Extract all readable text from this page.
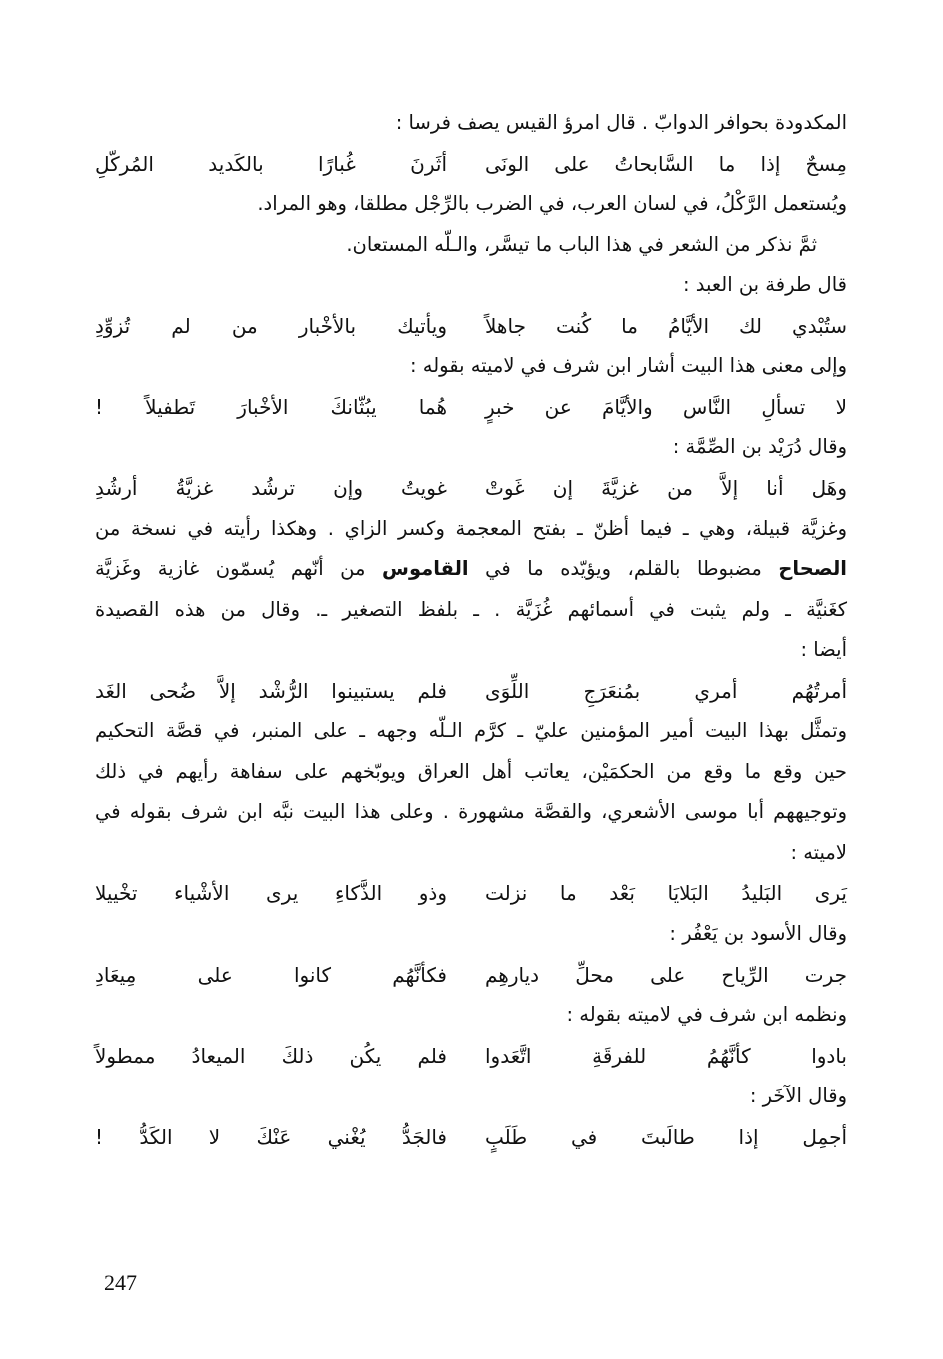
المكدودة بحوافر الدوابّ . قال امرؤ القيس يصف فرسا :
مِسحٌ إذا ما السَّابحاتُ على الونَى
أثَرنَ غُبارًا بالكَديد المُركّلِ
ويُستعمل الرَّكْلُ، في لسان العرب، في الضرب بالرِّجْل مطلقا، وهو المراد.
ثمَّ نذكر من الشعر في هذا الباب ما تيسَّر، والـلّه المستعان.
قال طرفة بن العبد :
ستُبْدي لك الأيَّامُ ما كُنت جاهلاً
ويأتيك بالأخْبار من لم تُزوِّدِ
وإلى معنى هذا البيت أشار ابن شرف في لاميته بقوله :
لا تسألِ النَّاس والأيَّامَ عن خبرٍ
هُما يبُثّانكَ الأخْبارَ تَطفيلاً !
وقال دُرَيْد بن الصِّمَّة :
وهَل أنا إلاَّ من غزيَّةَ إن غَوتْ
غويتُ وإن ترشُد غزيَّةُ أرشُدِ
وغزيَّة قبيلة، وهي ـ فيما أظنّ ـ بفتح المعجمة وكسر الزاي . وهكذا رأيته في نسخة من
الصحاح مضبوطا بالقلم، ويؤيّده ما في القاموس من أنّهم يُسمّون غازية وغَزيَّة
كغَنيَّة ـ ولم يثبت في أسمائهم غُزَيَّة . ـ بلفظ التصغير ـ. وقال من هذه القصيدة
أيضا :
أمرتُهُم أمري بمُنعَرَجِ اللِّوَى
فلم يستبينوا الرُّشْد إلاَّ ضُحى الغَد
وتمثَّل بهذا البيت أمير المؤمنين عليّ ـ كرَّم الـلّه وجهه ـ على المنبر، في قصَّة التحكيم
حين وقع ما وقع من الحكمَيْن، يعاتب أهل العراق ويوبّخهم على سفاهة رأيهم في ذلك
وتوجيههم أبا موسى الأشعري، والقصَّة مشهورة . وعلى هذا البيت نبَّه ابن شرف بقوله في
لاميته :
يَرى البَليدُ البَلايَا بَعْد ما نزلت
وذو الذَّكاءِ يرى الأشْياء تخْييلا
وقال الأسود بن يَعْفُر :
جرت الرِّياح على محلِّ ديارهِم
فكأنَّهُم كانوا على مِيعَادِ
ونظمه ابن شرف في لاميته بقوله :
بادوا كأنَّهُمُ للفرقَةِ اتَّعَدوا
فلم يكُن ذلكَ الميعادُ ممطولاً
وقال الآخَر :
أجمِل إذا طالَبتَ في طَلَبٍ
فالجَدُّ يُغْني عَنْكَ لا الكَدُّ !
247
